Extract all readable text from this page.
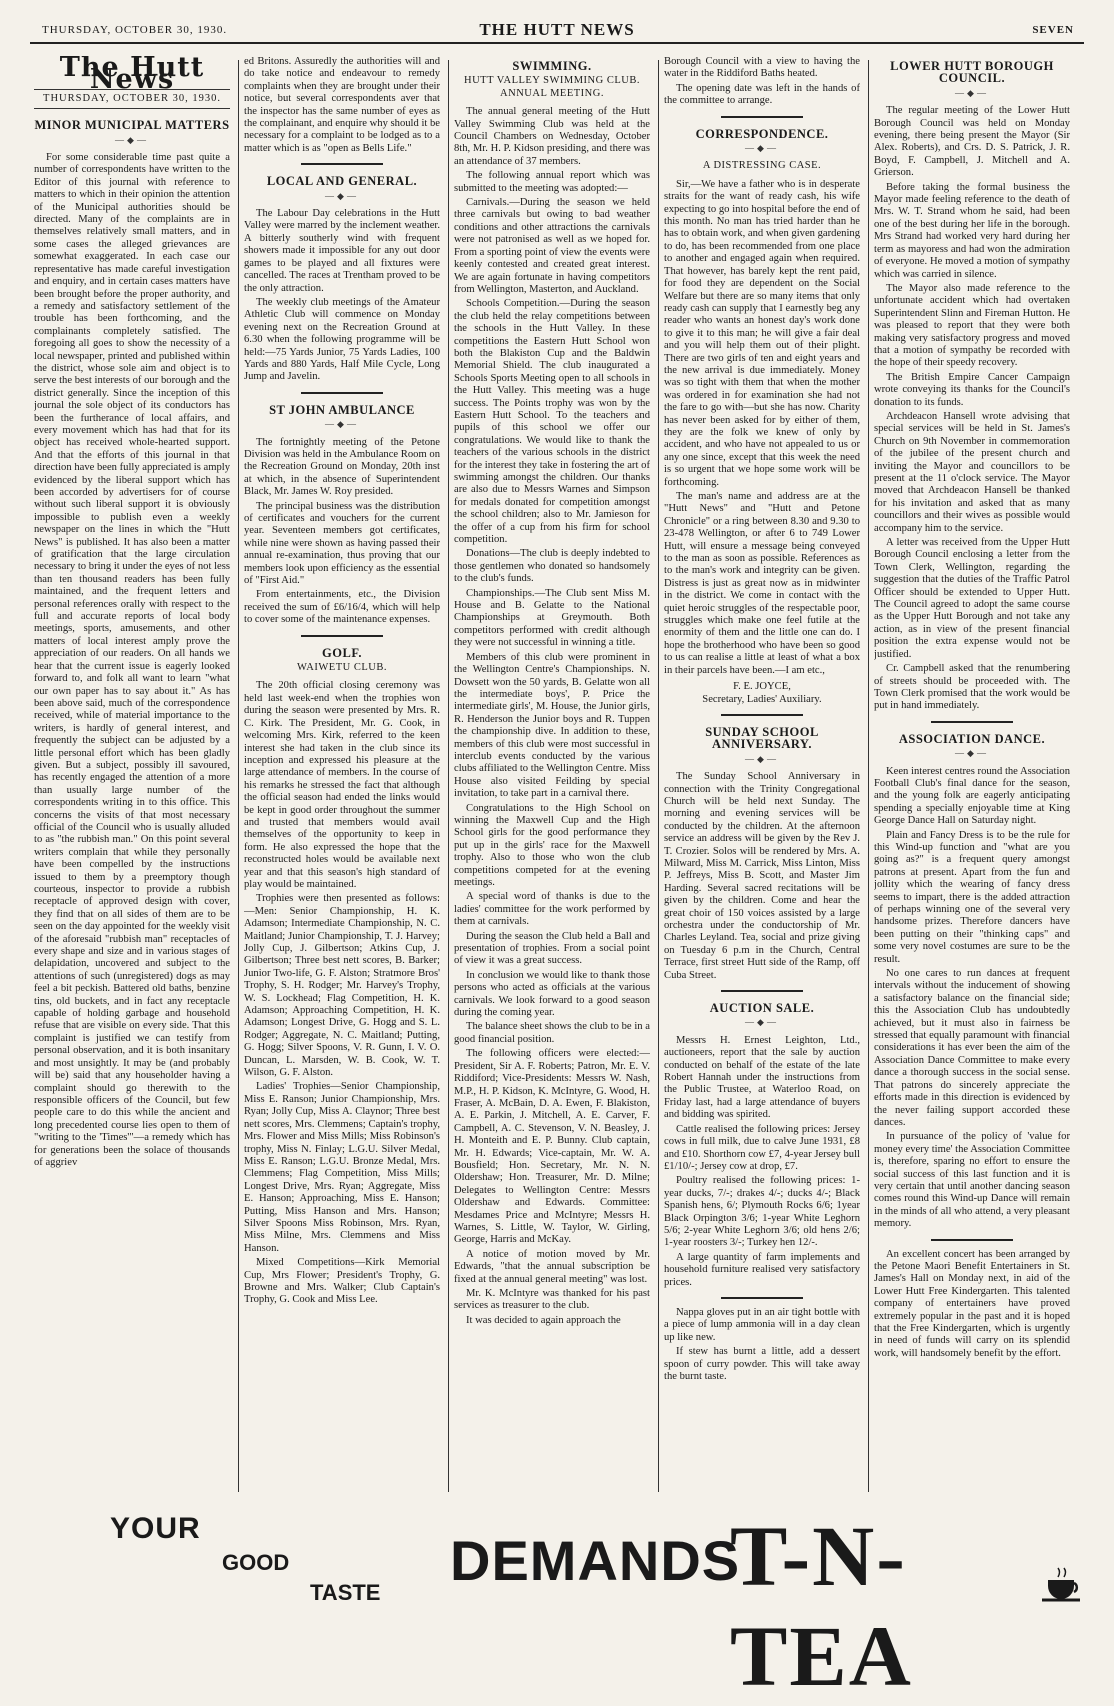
THURSDAY, OCTOBER 30, 1930.	THE HUTT NEWS	SEVEN
The Hutt News
THURSDAY, OCTOBER 30, 1930.
MINOR MUNICIPAL MATTERS
—◆—

For some considerable time past quite a number of correspondents have written to the Editor of this journal with reference to matters to which in their opinion the attention of the Municipal authorities should be directed. Many of the complaints are in themselves relatively small matters, and in some cases the alleged grievances are somewhat exaggerated. In each case our representative has made careful investigation and enquiry, and in certain cases matters have been brought before the proper authority, and a remedy and satisfactory settlement of the trouble has been forthcoming, and the complainants completely satisfied. The foregoing all goes to show the necessity of a local newspaper, printed and published within the district, whose sole aim and object is to serve the best interests of our borough and the district generally. Since the inception of this journal the sole object of its conductors has been the furtherance of local affairs, and every movement which has had that for its object has received whole-hearted support. And that the efforts of this journal in that direction have been fully appreciated is amply evidenced by the liberal support which has been accorded by advertisers for of course without such liberal support it is obviously impossible to publish even a weekly newspaper on the lines in which the "Hutt News" is published. It has also been a matter of gratification that the large circulation necessary to bring it under the eyes of not less than ten thousand readers has been fully maintained, and the frequent letters and personal references orally with respect to the full and accurate reports of local body meetings, sports, amusements, and other matters of local interest amply prove the appreciation of our readers. On all hands we hear that the current issue is eagerly looked forward to, and folk all want to learn "what our own paper has to say about it." As has been above said, much of the correspondence received, while of material importance to the writers, is hardly of general interest, and frequently the subject can be adjusted by a little personal effort which has been gladly given. But a subject, possibly ill savoured, has recently engaged the attention of a more than usually large number of the correspondents writing in to this office. This concerns the visits of that most necessary official of the Council who is usually alluded to as "the rubbish man." On this point several writers complain that while they personally have been compelled by the instructions issued to them by a preemptory though courteous, inspector to provide a rubbish receptacle of approved design with cover, they find that on all sides of them are to be seen on the day appointed for the weekly visit of the aforesaid "rubbish man" receptacles of every shape and size and in various stages of delapidation, uncovered and subject to the attentions of such (unregistered) dogs as may feel a bit peckish. Battered old baths, benzine tins, old buckets, and in fact any receptacle capable of holding garbage and household refuse that are visible on every side. That this complaint is justified we can testify from personal observation, and it is both insanitary and most unsightly. It may be (and probably will be) said that any householder having a complaint should go therewith to the responsible officers of the Council, but few people care to do this while the ancient and long precedented course lies open to them of "writing to the 'Times'"—a remedy which has for generations been the solace of thousands of aggriev

ed Britons. Assuredly the authorities will and do take notice and endeavour to remedy complaints when they are brought under their notice, but several correspondents aver that the inspector has the same number of eyes as the complainant, and enquire why should it be necessary for a complaint to be lodged as to a matter which is as "open as Bells Life."

LOCAL AND GENERAL.
—◆—

The Labour Day celebrations in the Hutt Valley were marred by the inclement weather. A bitterly southerly wind with frequent showers made it impossible for any out door games to be played and all fixtures were cancelled. The races at Trentham proved to be the only attraction.

The weekly club meetings of the Amateur Athletic Club will commence on Monday evening next on the Recreation Ground at 6.30 when the following programme will be held:—75 Yards Junior, 75 Yards Ladies, 100 Yards and 880 Yards, Half Mile Cycle, Long Jump and Javelin.

ST JOHN AMBULANCE
—◆—

The fortnightly meeting of the Petone Division was held in the Ambulance Room on the Recreation Ground on Monday, 20th inst at which, in the absence of Superintendent Black, Mr. James W. Roy presided.

The principal business was the distribution of certificates and vouchers for the current year. Seventeen members got certificates, while nine were shown as having passed their annual re-examination, thus proving that our members look upon efficiency as the essential of "First Aid."

From entertainments, etc., the Division received the sum of £6/16/4, which will help to cover some of the maintenance expenses.

GOLF.
WAIWETU CLUB.

The 20th official closing ceremony was held last week-end when the trophies won during the season were presented by Mrs. R. C. Kirk. The President, Mr. G. Cook, in welcoming Mrs. Kirk, referred to the keen interest she had taken in the club since its inception and expressed his pleasure at the large attendance of members. In the course of his remarks he stressed the fact that although the official season had ended the links would be kept in good order throughout the summer and trusted that members would avail themselves of the opportunity to keep in form. He also expressed the hope that the reconstructed holes would be available next year and that this season's high standard of play would be maintained.

Trophies were then presented as follows:—Men: Senior Championship, H. K. Adamson; Intermediate Championship, N. C. Maitland; Junior Championship, T. J. Harvey; Jolly Cup, J. Gilbertson; Atkins Cup, J. Gilbertson; Three best nett scores, B. Barker; Junior Two-life, G. F. Alston; Stratmore Bros' Trophy, S. H. Rodger; Mr. Harvey's Trophy, W. S. Lockhead; Flag Competition, H. K. Adamson; Approaching Competition, H. K. Adamson; Longest Drive, G. Hogg and S. L. Rodger; Aggregate, N. C. Maitland; Putting, G. Hogg; Silver Spoons, V. R. Gunn, I. V. O. Duncan, L. Marsden, W. B. Cook, W. T. Wilson, G. F. Alston.

Ladies' Trophies—Senior Championship, Miss E. Ranson; Junior Championship, Mrs. Ryan; Jolly Cup, Miss A. Claynor; Three best nett scores, Mrs. Clemmens; Captain's trophy, Mrs. Flower and Miss Mills; Miss Robinson's trophy, Miss N. Finlay; L.G.U. Silver Medal, Miss E. Ranson; L.G.U. Bronze Medal, Mrs. Clemmens; Flag Competition, Miss Mills; Longest Drive, Mrs. Ryan; Aggregate, Miss E. Hanson; Approaching, Miss E. Hanson; Putting, Miss Hanson and Mrs. Hanson; Silver Spoons Miss Robinson, Mrs. Ryan, Miss Milne, Mrs. Clemmens and Miss Hanson.

Mixed Competitions—Kirk Memorial Cup, Mrs Flower; President's Trophy, G. Browne and Mrs. Walker; Club Captain's Trophy, G. Cook and Miss Lee.

SWIMMING.
HUTT VALLEY SWIMMING CLUB.
ANNUAL MEETING.

The annual general meeting of the Hutt Valley Swimming Club was held at the Council Chambers on Wednesday, October 8th, Mr. H. P. Kidson presiding, and there was an attendance of 37 members.

The following annual report which was submitted to the meeting was adopted:—

Carnivals.—During the season we held three carnivals but owing to bad weather conditions and other attractions the carnivals were not patronised as well as we hoped for. From a sporting point of view the events were keenly contested and created great interest. We are again fortunate in having competitors from Wellington, Masterton, and Auckland.

Schools Competition.—During the season the club held the relay competitions between the schools in the Hutt Valley. In these competitions the Eastern Hutt School won both the Blakiston Cup and the Baldwin Memorial Shield. The club inaugurated a Schools Sports Meeting open to all schools in the Hutt Valley. This meeting was a huge success. The Points trophy was won by the Eastern Hutt School. To the teachers and pupils of this school we offer our congratulations. We would like to thank the teachers of the various schools in the district for the interest they take in fostering the art of swimming amongst the children. Our thanks are also due to Messrs Warnes and Simpson for medals donated for competition amongst the school children; also to Mr. Jamieson for the offer of a cup from his firm for school competition.

Donations—The club is deeply indebted to those gentlemen who donated so handsomely to the club's funds.

Championships.—The Club sent Miss M. House and B. Gelatte to the National Championships at Greymouth. Both competitors performed with credit although they were not successful in winning a title.

Members of this club were prominent in the Wellington Centre's Championships. N. Dowsett won the 50 yards, B. Gelatte won all the intermediate boys', P. Price the intermediate girls', M. House, the Junior girls, R. Henderson the Junior boys and R. Tuppen the championship dive. In addition to these, members of this club were most successful in interclub events conducted by the various clubs affiliated to the Wellington Centre. Miss House also visited Feilding by special invitation, to take part in a carnival there.

Congratulations to the High School on winning the Maxwell Cup and the High School girls for the good performance they put up in the girls' race for the Maxwell trophy. Also to those who won the club competitions competed for at the evening meetings.

A special word of thanks is due to the ladies' committee for the work performed by them at carnivals.

During the season the Club held a Ball and presentation of trophies. From a social point of view it was a great success.

In conclusion we would like to thank those persons who acted as officials at the various carnivals. We look forward to a good season during the coming year.

The balance sheet shows the club to be in a good financial position.

The following officers were elected:—President, Sir A. F. Roberts; Patron, Mr. E. V. Riddiford; Vice-Presidents: Messrs W. Nash, M.P., H. P. Kidson, K. McIntyre, G. Wood, H. Fraser, A. McBain, D. A. Ewen, F. Blakiston, A. E. Parkin, J. Mitchell, A. E. Carver, F. Campbell, A. C. Stevenson, V. N. Beasley, J. H. Monteith and E. P. Bunny. Club captain, Mr. H. Edwards; Vice-captain, Mr. W. A. Bousfield; Hon. Secretary, Mr. N. N. Oldershaw; Hon. Treasurer, Mr. D. Milne; Delegates to Wellington Centre: Messrs Oldershaw and Edwards. Committee: Mesdames Price and McIntyre; Messrs H. Warnes, S. Little, W. Taylor, W. Girling, George, Harris and McKay.

A notice of motion moved by Mr. Edwards, "that the annual subscription be fixed at the annual general meeting" was lost.

Mr. K. McIntyre was thanked for his past services as treasurer to the club.

It was decided to again approach the

Borough Council with a view to having the water in the Riddiford Baths heated.

The opening date was left in the hands of the committee to arrange.

CORRESPONDENCE.
—◆—
A DISTRESSING CASE.

Sir,—We have a father who is in desperate straits for the want of ready cash, his wife expecting to go into hospital before the end of this month. No man has tried harder than he has to obtain work, and when given gardening to do, has been recommended from one place to another and engaged again when required. That however, has barely kept the rent paid, for food they are dependent on the Social Welfare but there are so many items that only ready cash can supply that I earnestly beg any reader who wants an honest day's work done to give it to this man; he will give a fair deal and you will help them out of their plight. There are two girls of ten and eight years and the new arrival is due immediately. Money was so tight with them that when the mother was ordered in for examination she had not the fare to go with—but she has now. Charity has never been asked for by either of them, they are the folk we knew of only by accident, and who have not appealed to us or any one since, except that this week the need is so urgent that we hope some work will be forthcoming.

The man's name and address are at the "Hutt News" and "Hutt and Petone Chronicle" or a ring between 8.30 and 9.30 to 23-478 Wellington, or after 6 to 749 Lower Hutt, will ensure a message being conveyed to the man as soon as possible. References as to the man's work and integrity can be given. Distress is just as great now as in midwinter in the district. We come in contact with the quiet heroic struggles of the respectable poor, struggles which make one feel futile at the enormity of them and the little one can do. I hope the brotherhood who have been so good to us can realise a little at least of what a box in their parcels have been.—I am etc.,

F. E. JOYCE,
Secretary, Ladies' Auxiliary.
SUNDAY SCHOOL ANNIVERSARY.
—◆—

The Sunday School Anniversary in connection with the Trinity Congregational Church will be held next Sunday. The morning and evening services will be conducted by the children. At the afternoon service an address will be given by the Rev J. T. Crozier. Solos will be rendered by Mrs. A. Milward, Miss M. Carrick, Miss Linton, Miss P. Jeffreys, Miss B. Scott, and Master Jim Harding. Several sacred recitations will be given by the children. Come and hear the great choir of 150 voices assisted by a large orchestra under the conductorship of Mr. Charles Leyland. Tea, social and prize giving on Tuesday 6 p.m in the Church, Central Terrace, first street Hutt side of the Ramp, off Cuba Street.

AUCTION SALE.
—◆—

Messrs H. Ernest Leighton, Ltd., auctioneers, report that the sale by auction conducted on behalf of the estate of the late Robert Hannah under the instructions from the Public Trustee, at Waterloo Road, on Friday last, had a large attendance of buyers and bidding was spirited.

Cattle realised the following prices: Jersey cows in full milk, due to calve June 1931, £8 and £10. Shorthorn cow £7, 4-year Jersey bull £1/10/-; Jersey cow at drop, £7.

Poultry realised the following prices: 1-year ducks, 7/-; drakes 4/-; ducks 4/-; Black Spanish hens, 6/; Plymouth Rocks 6/6; 1year Black Orpington 3/6; 1-year White Leghorn 5/6; 2-year White Leghorn 3/6; old hens 2/6; 1-year roosters 3/-; Turkey hen 12/-.

A large quantity of farm implements and household furniture realised very satisfactory prices.

Nappa gloves put in an air tight bottle with a piece of lump ammonia will in a day clean up like new.

If stew has burnt a little, add a dessert spoon of curry powder. This will take away the burnt taste.

LOWER HUTT BOROUGH COUNCIL.
—◆—

The regular meeting of the Lower Hutt Borough Council was held on Monday evening, there being present the Mayor (Sir Alex. Roberts), and Crs. D. S. Patrick, J. R. Boyd, F. Campbell, J. Mitchell and A. Grierson.

Before taking the formal business the Mayor made feeling reference to the death of Mrs. W. T. Strand whom he said, had been one of the best during her life in the borough. Mrs Strand had worked very hard during her term as mayoress and had won the admiration of everyone. He moved a motion of sympathy which was carried in silence.

The Mayor also made reference to the unfortunate accident which had overtaken Superintendent Slinn and Fireman Hutton. He was pleased to report that they were both making very satisfactory progress and moved that a motion of sympathy be recorded with the hope of their speedy recovery.

The British Empire Cancer Campaign wrote conveying its thanks for the Council's donation to its funds.

Archdeacon Hansell wrote advising that special services will be held in St. James's Church on 9th November in commemoration of the jubilee of the present church and inviting the Mayor and councillors to be present at the 11 o'clock service. The Mayor moved that Archdeacon Hansell be thanked for his invitation and asked that as many councillors and their wives as possible would accompany him to the service.

A letter was received from the Upper Hutt Borough Council enclosing a letter from the Town Clerk, Wellington, regarding the suggestion that the duties of the Traffic Patrol Officer should be extended to Upper Hutt. The Council agreed to adopt the same course as the Upper Hutt Borough and not take any action, as in view of the present financial position the extra expense would not be justified.

Cr. Campbell asked that the renumbering of streets should be proceeded with. The Town Clerk promised that the work would be put in hand immediately.

ASSOCIATION DANCE.
—◆—

Keen interest centres round the Association Football Club's final dance for the season, and the young folk are eagerly anticipating spending a specially enjoyable time at King George Dance Hall on Saturday night.

Plain and Fancy Dress is to be the rule for this Wind-up function and "what are you going as?" is a frequent query amongst patrons at present. Apart from the fun and jollity which the wearing of fancy dress seems to impart, there is the added attraction of perhaps winning one of the several very handsome prizes. Therefore dancers have been putting on their "thinking caps" and some very novel costumes are sure to be the result.

No one cares to run dances at frequent intervals without the inducement of showing a satisfactory balance on the financial side; this the Association Club has undoubtedly achieved, but it must also in fairness be stressed that equally paramount with financial considerations it has ever been the aim of the Association Dance Committee to make every dance a thorough success in the social sense. That patrons do sincerely appreciate the efforts made in this direction is evidenced by the never failing support accorded these dances.

In pursuance of the policy of 'value for money every time' the Association Committee is, therefore, sparing no effort to ensure the social success of this last function and it is very certain that until another dancing season comes round this Wind-up Dance will remain in the minds of all who attend, a very pleasant memory.

An excellent concert has been arranged by the Petone Maori Benefit Entertainers in St. James's Hall on Monday next, in aid of the Lower Hutt Free Kindergarten. This talented company of entertainers have proved extremely popular in the past and it is hoped that the Free Kindergarten, which is urgently in need of funds will carry on its splendid work, will handsomely benefit by the effort.

YOUR
GOOD
TASTE
DEMANDS
T-N-TEA
